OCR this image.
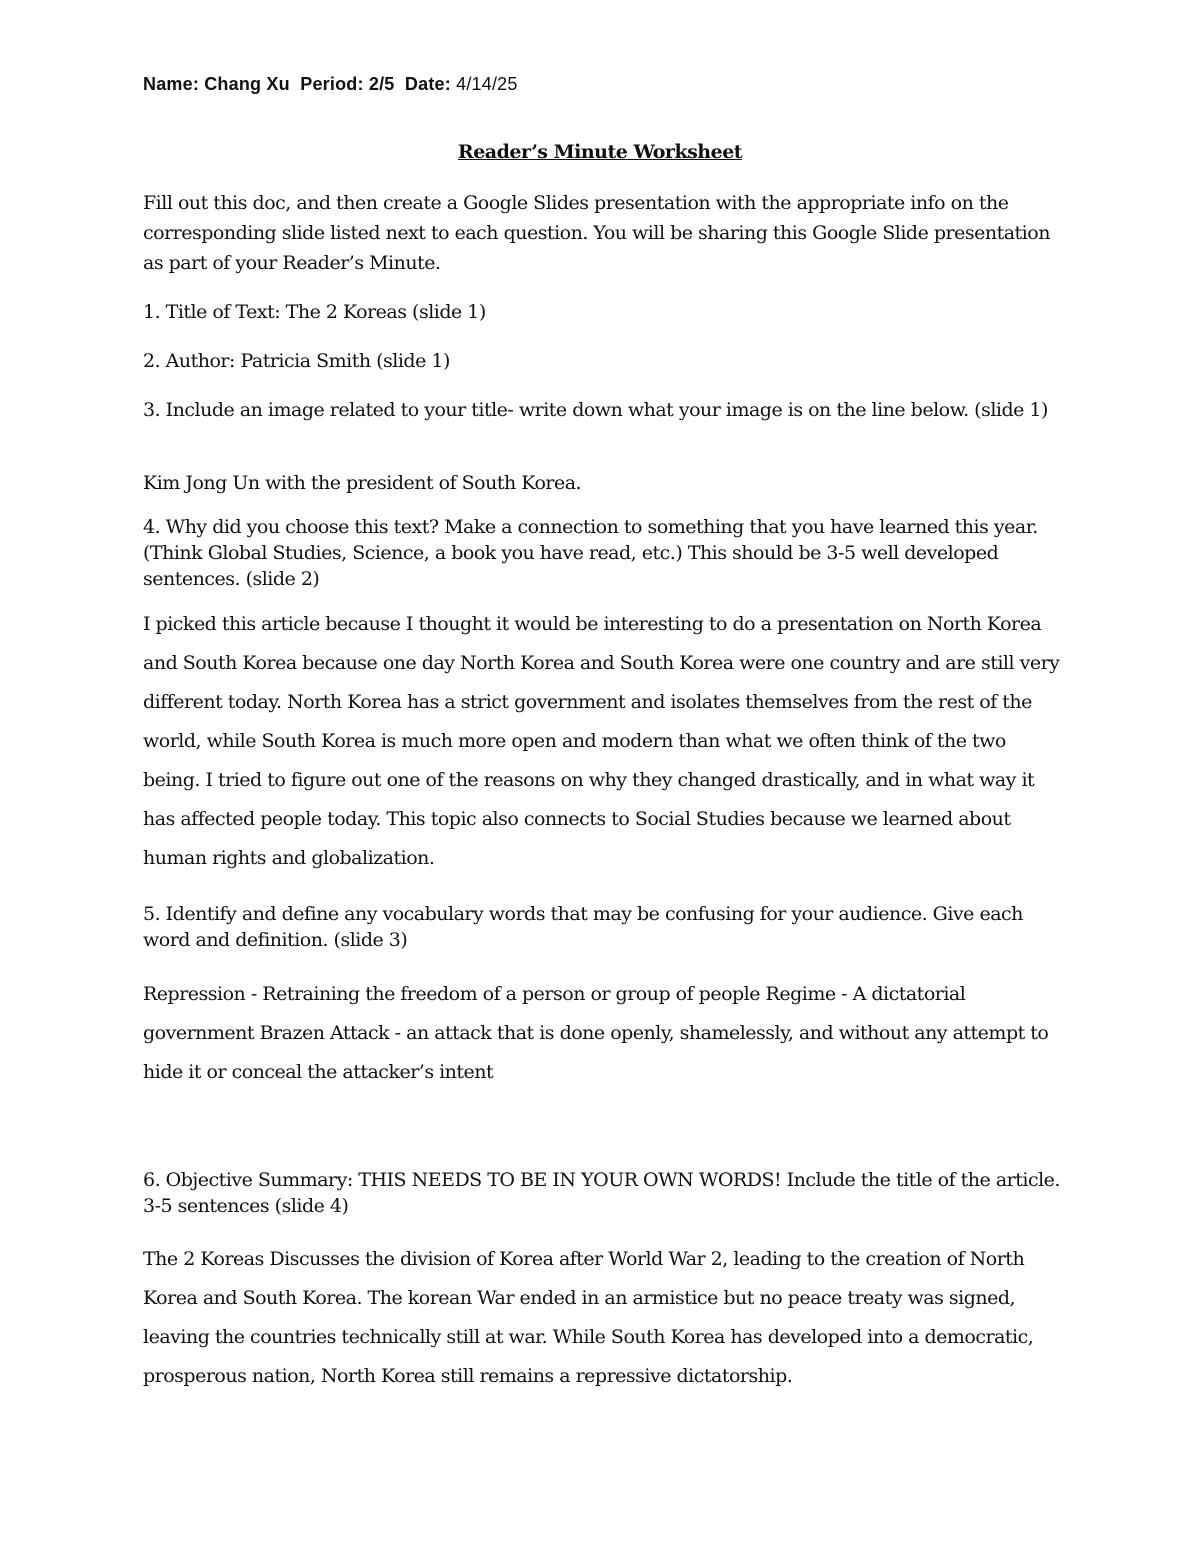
Name: Chang Xu Period: 2/5 Date: 4/14/25
Reader’s Minute Worksheet

Fill out this doc, and then create a Google Slides presentation with the appropriate info on the corresponding slide listed next to each question. You will be sharing this Google Slide presentation as part of your Reader’s Minute.

1. Title of Text: The 2 Koreas (slide 1)

2. Author: Patricia Smith (slide 1)

3. Include an image related to your title- write down what your image is on the line below. (slide 1)

Kim Jong Un with the president of South Korea.

4. Why did you choose this text? Make a connection to something that you have learned this year. (Think Global Studies, Science, a book you have read, etc.) This should be 3-5 well developed sentences. (slide 2)

I picked this article because I thought it would be interesting to do a presentation on North Korea and South Korea because one day North Korea and South Korea were one country and are still very different today. North Korea has a strict government and isolates themselves from the rest of the world, while South Korea is much more open and modern than what we often think of the two being. I tried to figure out one of the reasons on why they changed drastically, and in what way it has affected people today. This topic also connects to Social Studies because we learned about human rights and globalization.

5. Identify and define any vocabulary words that may be confusing for your audience. Give each word and definition. (slide 3)

Repression - Retraining the freedom of a person or group of people Regime - A dictatorial government Brazen Attack - an attack that is done openly, shamelessly, and without any attempt to hide it or conceal the attacker’s intent

6. Objective Summary: THIS NEEDS TO BE IN YOUR OWN WORDS! Include the title of the article. 3-5 sentences (slide 4)

The 2 Koreas Discusses the division of Korea after World War 2, leading to the creation of North Korea and South Korea. The korean War ended in an armistice but no peace treaty was signed, leaving the countries technically still at war. While South Korea has developed into a democratic, prosperous nation, North Korea still remains a repressive dictatorship.
